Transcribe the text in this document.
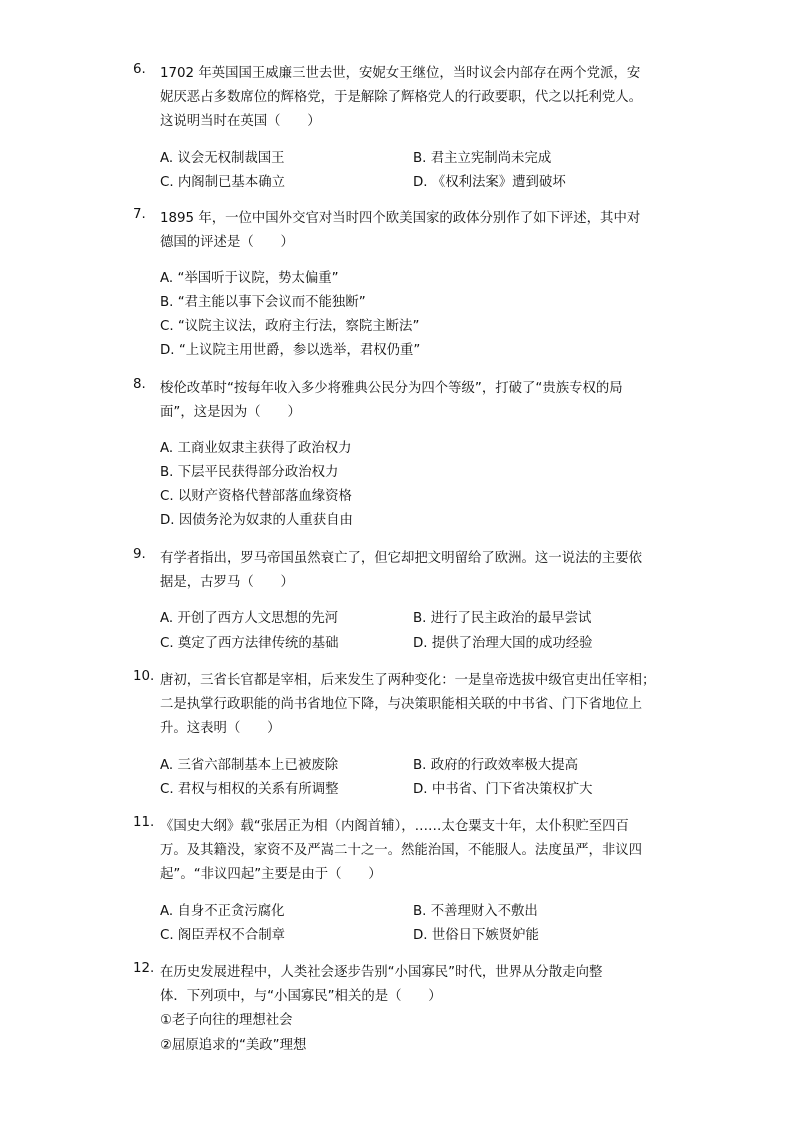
6.	1702 年英国国王威廉三世去世，安妮女王继位，当时议会内部存在两个党派，安
妮厌恶占多数席位的辉格党，于是解除了辉格党人的行政要职，代之以托利党人。
这说明当时在英国（　　）
A. 议会无权制裁国王	B. 君主立宪制尚未完成
C. 内阁制已基本确立	D. 《权利法案》遭到破坏
7.	1895 年，一位中国外交官对当时四个欧美国家的政体分别作了如下评述，其中对
德国的评述是（　　）
A. “举国听于议院，势太偏重”
B. “君主能以事下会议而不能独断”
C. “议院主议法，政府主行法，察院主断法”
D. “上议院主用世爵，参以选举，君权仍重”
8.	梭伦改革时“按每年收入多少将雅典公民分为四个等级”，打破了“贵族专权的局
面”，这是因为（　　）
A. 工商业奴隶主获得了政治权力
B. 下层平民获得部分政治权力
C. 以财产资格代替部落血缘资格
D. 因债务沦为奴隶的人重获自由
9.	有学者指出，罗马帝国虽然衰亡了，但它却把文明留给了欧洲。这一说法的主要依
据是，古罗马（　　）
A. 开创了西方人文思想的先河	B. 进行了民主政治的最早尝试
C. 奠定了西方法律传统的基础	D. 提供了治理大国的成功经验
10. 唐初，三省长官都是宰相，后来发生了两种变化：一是皇帝选拔中级官吏出任宰相；
二是执掌行政职能的尚书省地位下降，与决策职能相关联的中书省、门下省地位上
升。这表明（　　）
A. 三省六部制基本上已被废除	B. 政府的行政效率极大提高
C. 君权与相权的关系有所调整	D. 中书省、门下省决策权扩大
11. 《国史大纲》载“张居正为相（内阁首辅），……太仓粟支十年，太仆积贮至四百
万。及其籍没，家资不及严嵩二十之一。然能治国，不能服人。法度虽严，非议四
起”。“非议四起”主要是由于（　　）
A. 自身不正贪污腐化	B. 不善理财入不敷出
C. 阁臣弄权不合制章	D. 世俗日下嫉贤妒能
12. 在历史发展进程中，人类社会逐步告别“小国寡民”时代，世界从分散走向整
体．下列项中，与“小国寡民”相关的是（　　）
①老子向往的理想社会
②屈原追求的“美政”理想
